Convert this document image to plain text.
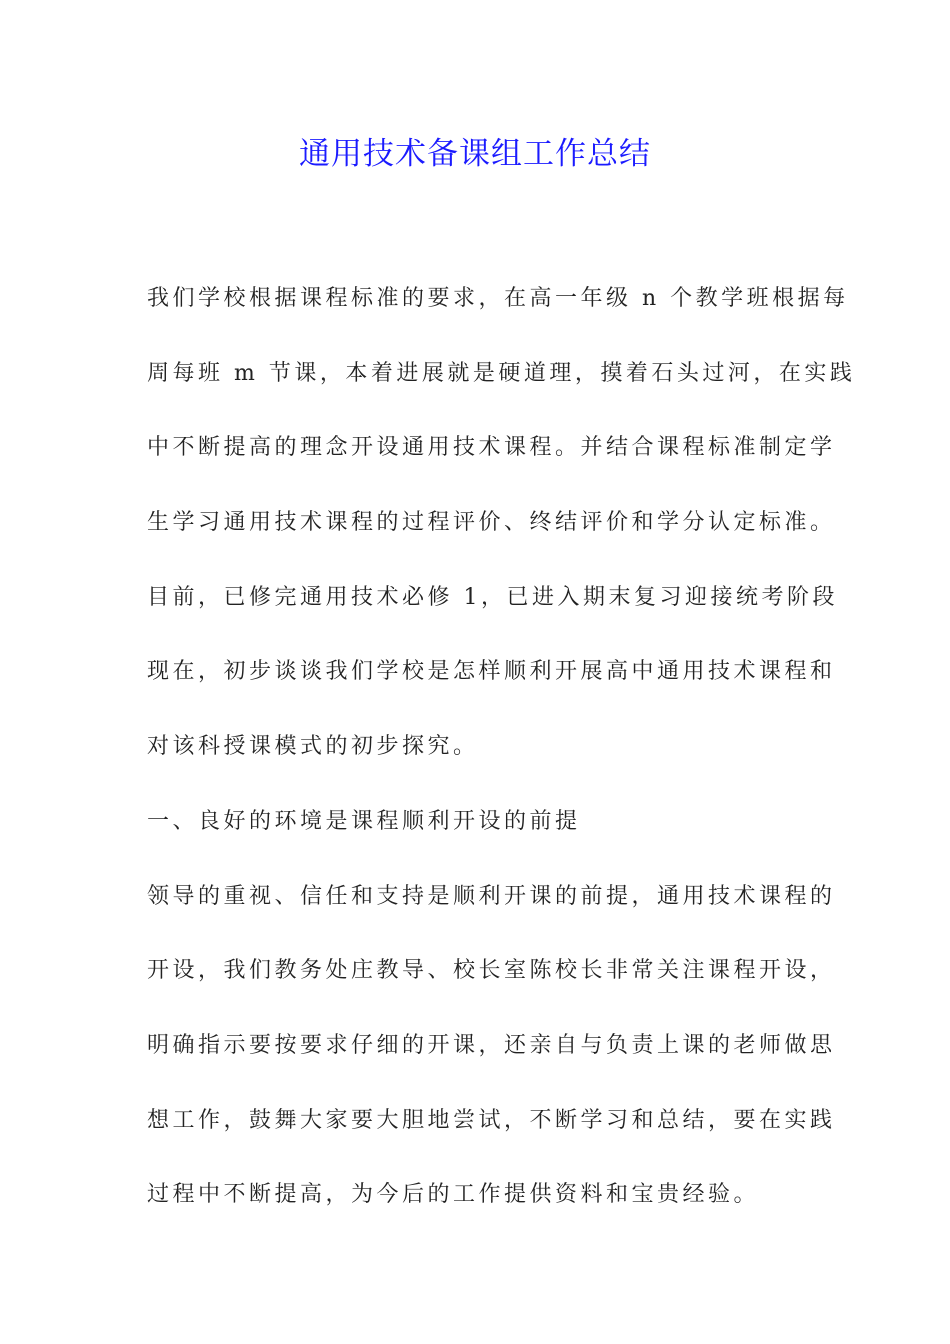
通用技术备课组工作总结
我们学校根据课程标准的要求，在高一年级 n 个教学班根据每
周每班 m 节课，本着进展就是硬道理，摸着石头过河，在实践
中不断提高的理念开设通用技术课程。并结合课程标准制定学
生学习通用技术课程的过程评价、终结评价和学分认定标准。
目前，已修完通用技术必修 1，已进入期末复习迎接统考阶段
现在，初步谈谈我们学校是怎样顺利开展高中通用技术课程和
对该科授课模式的初步探究。
一、良好的环境是课程顺利开设的前提
领导的重视、信任和支持是顺利开课的前提，通用技术课程的
开设，我们教务处庄教导、校长室陈校长非常关注课程开设，
明确指示要按要求仔细的开课，还亲自与负责上课的老师做思
想工作，鼓舞大家要大胆地尝试，不断学习和总结，要在实践
过程中不断提高，为今后的工作提供资料和宝贵经验。
